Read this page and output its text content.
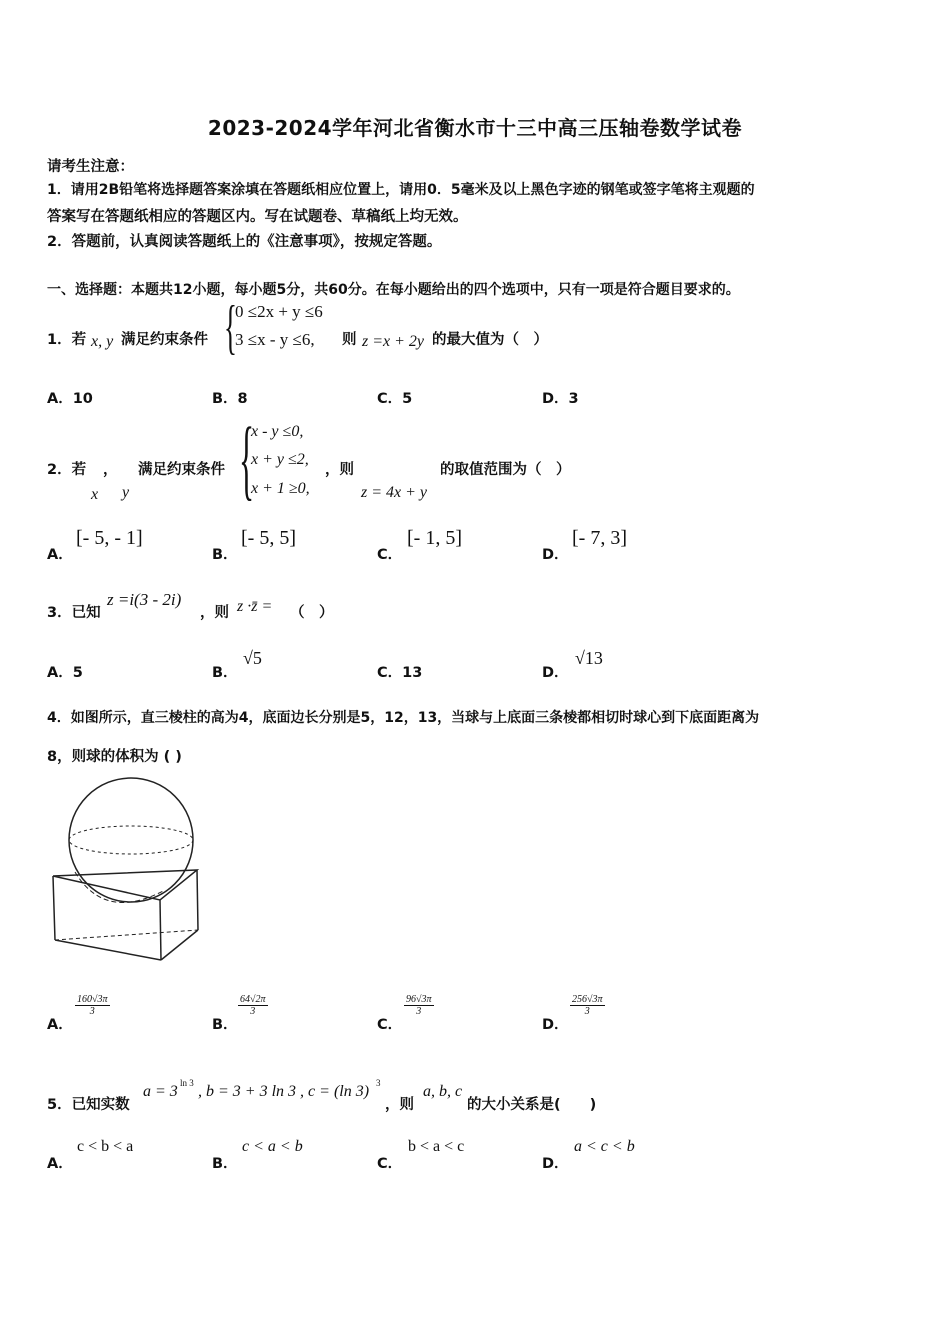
2023-2024学年河北省衡水市十三中高三压轴卷数学试卷
请考生注意：
1．请用2B铅笔将选择题答案涂填在答题纸相应位置上，请用0．5毫米及以上黑色字迹的钢笔或签字笔将主观题的
答案写在答题纸相应的答题区内。写在试题卷、草稿纸上均无效。
2．答题前，认真阅读答题纸上的《注意事项》，按规定答题。
一、选择题：本题共12小题，每小题5分，共60分。在每小题给出的四个选项中，只有一项是符合题目要求的。
1．若 x, y 满足约束条件 {
0 ≤2x + y ≤6
3 ≤x - y ≤6, 则 z =x + 2y 的最大值为（　）
A．10	B．8	C．5	D．3
2．若 ， 满足约束条件
x y {
x - y ≤0,
x + y ≤2,
x + 1 ≥0,
，则
z = 4x + y
的取值范围为（　）
A．
[- 5, - 1]
B．
[- 5, 5]
C．
[- 1, 5]
D．
[- 7, 3]
3．已知
z =i(3 - 2i)
，则 z ·z̄ = （　）
A．5	B．
√5
C．13	D．
√13
4．如图所示，直三棱柱的高为4，底面边长分别是5，12，13，当球与上底面三条棱都相切时球心到下底面距离为
8，则球的体积为 ( )
A．
$\frac{160√3\pi}{3}$
B．
$\frac{64√2\pi}{3}$
C．
$\frac{96√3\pi}{3}$
D．
$\frac{256√3\pi}{3}$
5．已知实数
a = 3 ln 3 , b = 3 + 3 ln 3 , c = (ln 3) 3
，则
a, b, c
的大小关系是(　　)
A．
c < b < a
B．
c < a < b
C．
b < a < c
D．
a < c < b
